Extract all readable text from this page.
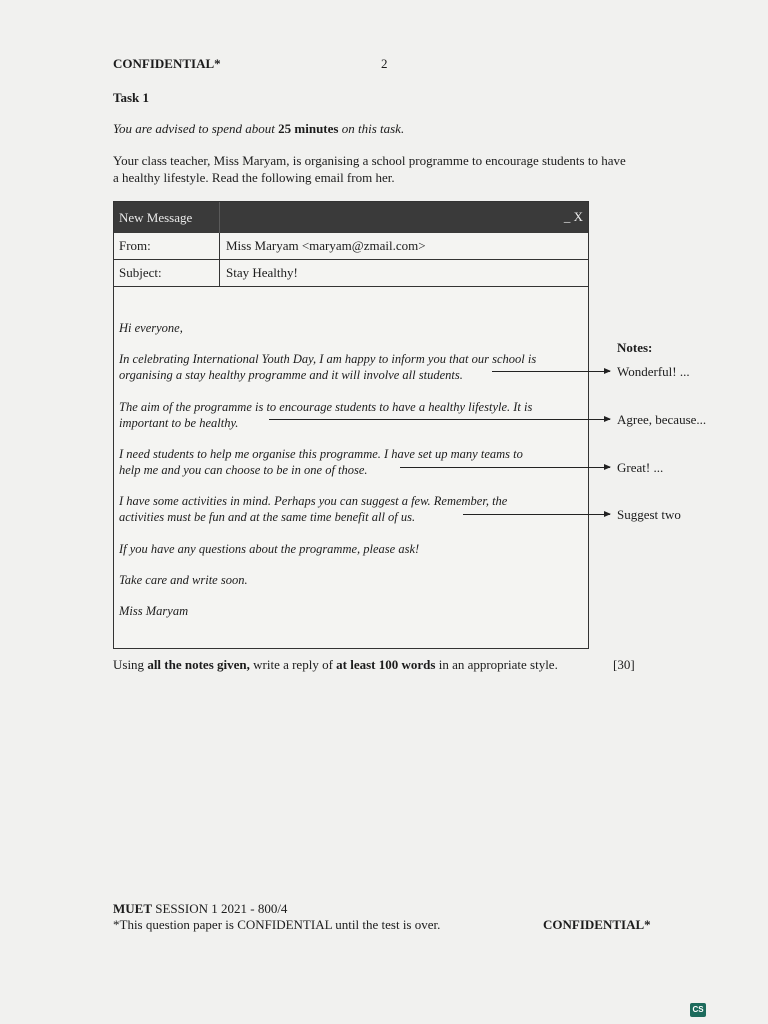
CONFIDENTIAL*	2
Task 1
You are advised to spend about 25 minutes on this task.
Your class teacher, Miss Maryam, is organising a school programme to encourage students to have
a healthy lifestyle. Read the following email from her.
New Message	_ X
From:	Miss Maryam <maryam@zmail.com>
Subject:	Stay Healthy!
Hi everyone,
In celebrating International Youth Day, I am happy to inform you that our school is
organising a stay healthy programme and it will involve all students.
The aim of the programme is to encourage students to have a healthy lifestyle. It is
important to be healthy.
I need students to help me organise this programme. I have set up many teams to
help me and you can choose to be in one of those.
I have some activities in mind. Perhaps you can suggest a few. Remember, the
activities must be fun and at the same time benefit all of us.
If you have any questions about the programme, please ask!
Take care and write soon.
Miss Maryam
Notes:
Wonderful! ...
Agree, because...
Great! ...
Suggest two
Using all the notes given, write a reply of at least 100 words in an appropriate style.	[30]
MUET SESSION 1 2021 - 800/4
*This question paper is CONFIDENTIAL until the test is over.	CONFIDENTIAL*
CS
